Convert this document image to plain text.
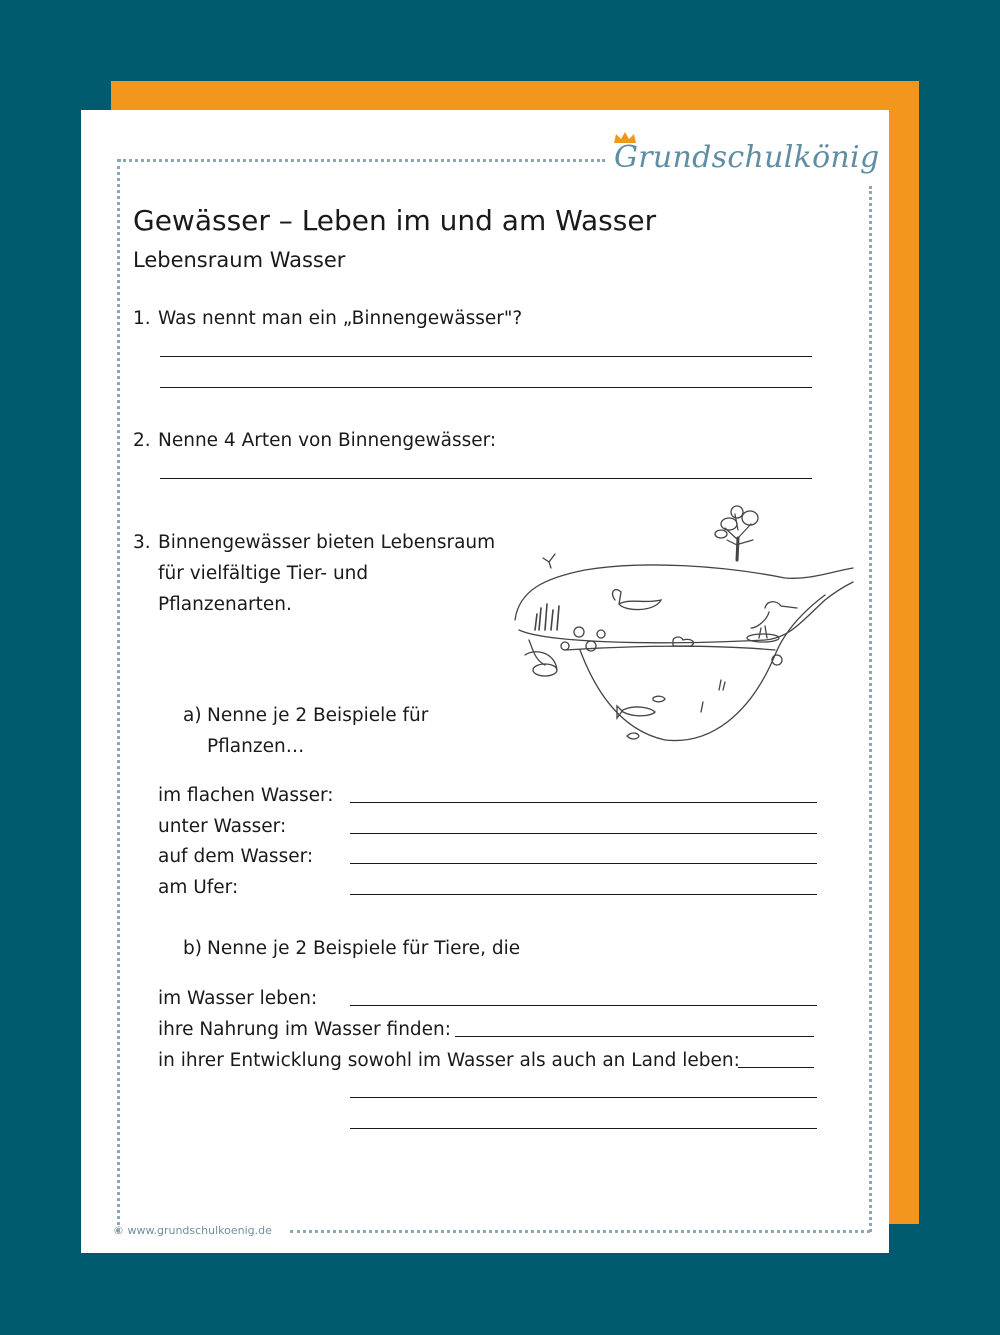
Grundschulkönig
Gewässer – Leben im und am Wasser
Lebensraum Wasser
1. Was nennt man ein „Binnengewässer"?
2. Nenne 4 Arten von Binnengewässer:
3. Binnengewässer bieten Lebensraum
für vielfältige Tier- und
Pflanzenarten.
a) Nenne je 2 Beispiele für
Pflanzen…
im flachen Wasser:
unter Wasser:
auf dem Wasser:
am Ufer:
b) Nenne je 2 Beispiele für Tiere, die
im Wasser leben:
ihre Nahrung im Wasser finden:
in ihrer Entwicklung sowohl im Wasser als auch an Land leben:
© www.grundschulkoenig.de
